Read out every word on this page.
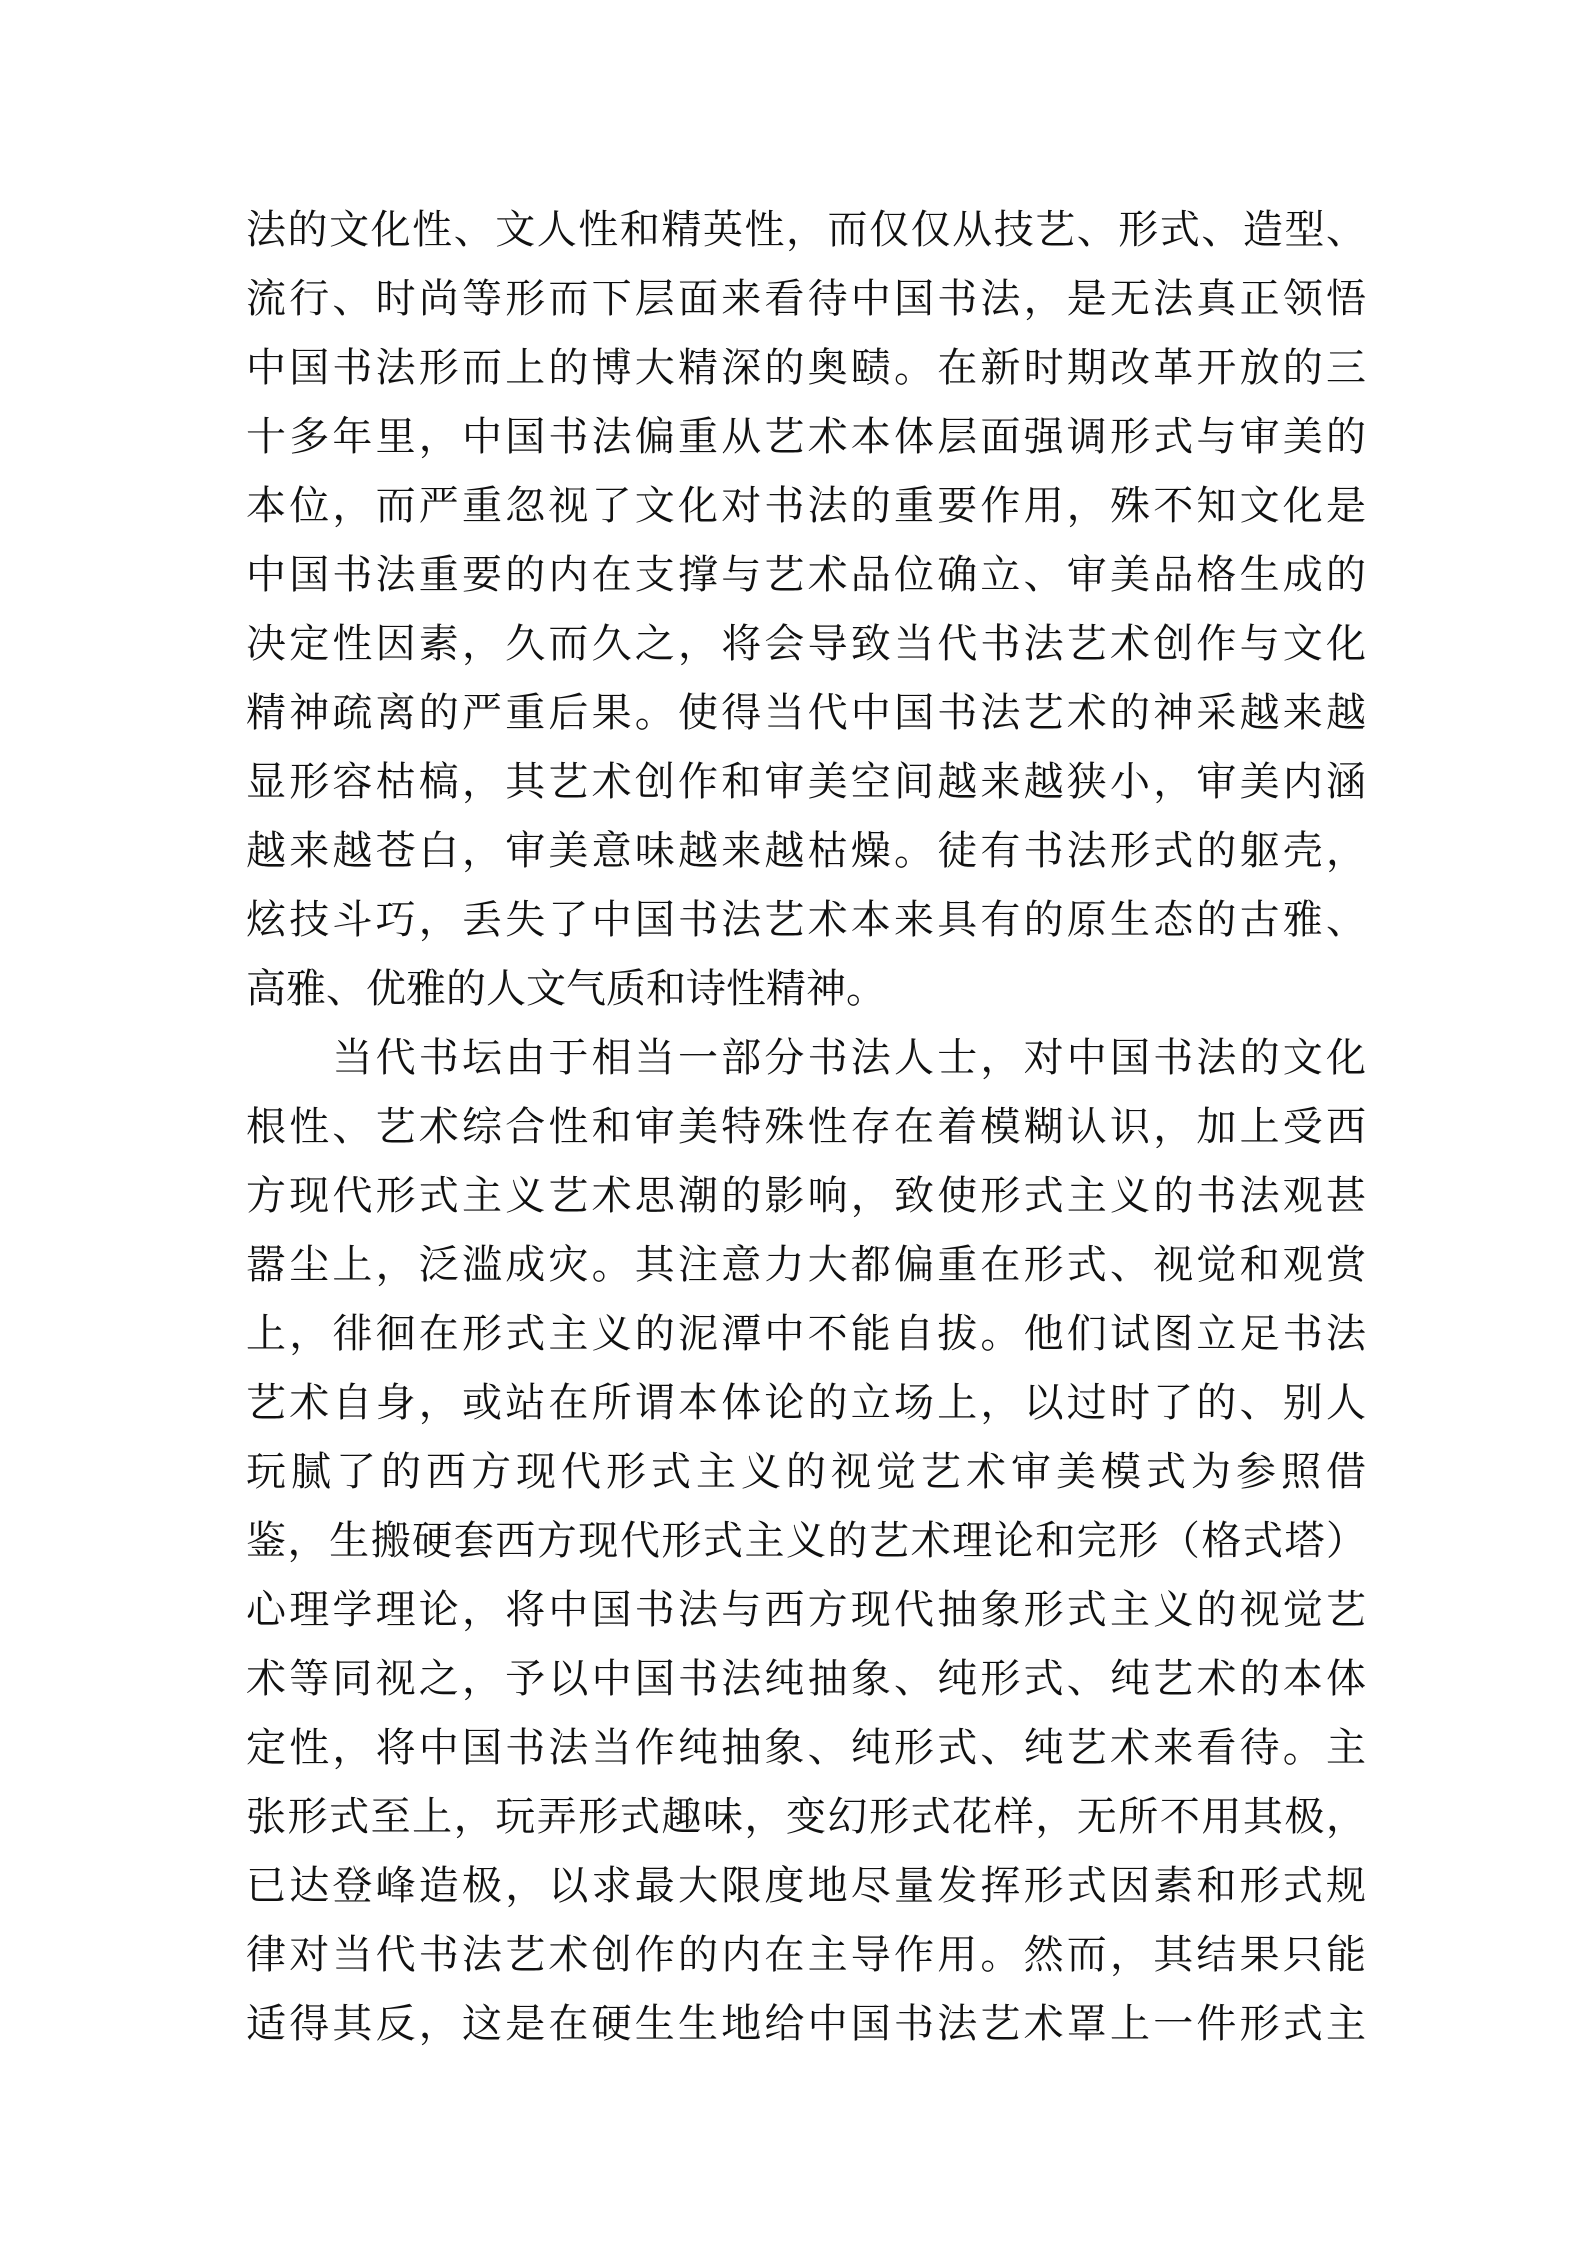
法的文化性、文人性和精英性，而仅仅从技艺、形式、造型、
流行、时尚等形而下层面来看待中国书法，是无法真正领悟
中国书法形而上的博大精深的奥赜。在新时期改革开放的三
十多年里，中国书法偏重从艺术本体层面强调形式与审美的
本位，而严重忽视了文化对书法的重要作用，殊不知文化是
中国书法重要的内在支撑与艺术品位确立、审美品格生成的
决定性因素，久而久之，将会导致当代书法艺术创作与文化
精神疏离的严重后果。使得当代中国书法艺术的神采越来越
显形容枯槁，其艺术创作和审美空间越来越狭小，审美内涵
越来越苍白，审美意味越来越枯燥。徒有书法形式的躯壳，
炫技斗巧，丢失了中国书法艺术本来具有的原生态的古雅、
高雅、优雅的人文气质和诗性精神。
　　当代书坛由于相当一部分书法人士，对中国书法的文化
根性、艺术综合性和审美特殊性存在着模糊认识，加上受西
方现代形式主义艺术思潮的影响，致使形式主义的书法观甚
嚣尘上，泛滥成灾。其注意力大都偏重在形式、视觉和观赏
上，徘徊在形式主义的泥潭中不能自拔。他们试图立足书法
艺术自身，或站在所谓本体论的立场上，以过时了的、别人
玩腻了的西方现代形式主义的视觉艺术审美模式为参照借
鉴，生搬硬套西方现代形式主义的艺术理论和完形（格式塔）
心理学理论，将中国书法与西方现代抽象形式主义的视觉艺
术等同视之，予以中国书法纯抽象、纯形式、纯艺术的本体
定性，将中国书法当作纯抽象、纯形式、纯艺术来看待。主
张形式至上，玩弄形式趣味，变幻形式花样，无所不用其极，
已达登峰造极，以求最大限度地尽量发挥形式因素和形式规
律对当代书法艺术创作的内在主导作用。然而，其结果只能
适得其反，这是在硬生生地给中国书法艺术罩上一件形式主
